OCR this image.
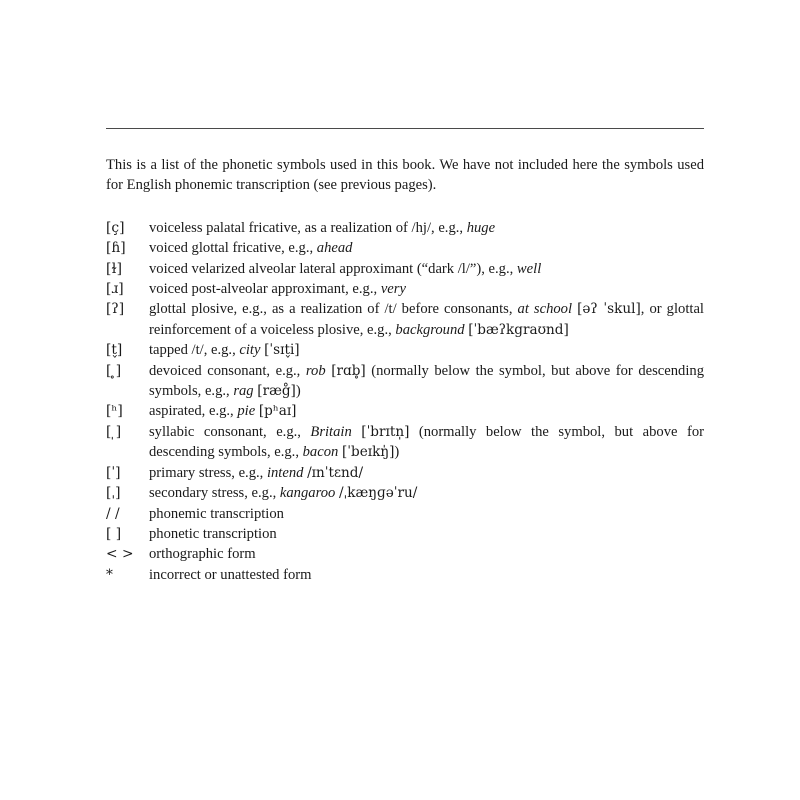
This is a list of the phonetic symbols used in this book. We have not included here the symbols used for English phonemic transcription (see previous pages).

[ç]	voiceless palatal fricative, as a realization of /hj/, e.g., huge
[ɦ]	voiced glottal fricative, e.g., ahead
[ɫ]	voiced velarized alveolar lateral approximant (“dark /l/”), e.g., well
[ɹ]	voiced post-alveolar approximant, e.g., very
[ʔ]	glottal plosive, e.g., as a realization of /t/ before consonants, at school [əʔ ˈskul], or glottal reinforcement of a voiceless plosive, e.g., background [ˈbæʔkgraʊnd]
[t̬]	tapped /t/, e.g., city [ˈsɪt̬i]
[ ̥]	devoiced consonant, e.g., rob [rɑb̥] (normally below the symbol, but above for descending symbols, e.g., rag [ræg̊])
[ʰ]	aspirated, e.g., pie [pʰaɪ]
[ ̩]	syllabic consonant, e.g., Britain [ˈbrɪtn̩] (normally below the symbol, but above for descending symbols, e.g., bacon [ˈbeɪkŋ̍])
[ˈ]	primary stress, e.g., intend /ɪnˈtɛnd/
[ˌ]	secondary stress, e.g., kangaroo /ˌkæŋɡəˈru/
/ /	phonemic transcription
[ ]	phonetic transcription
< >	orthographic form
*	incorrect or unattested form
